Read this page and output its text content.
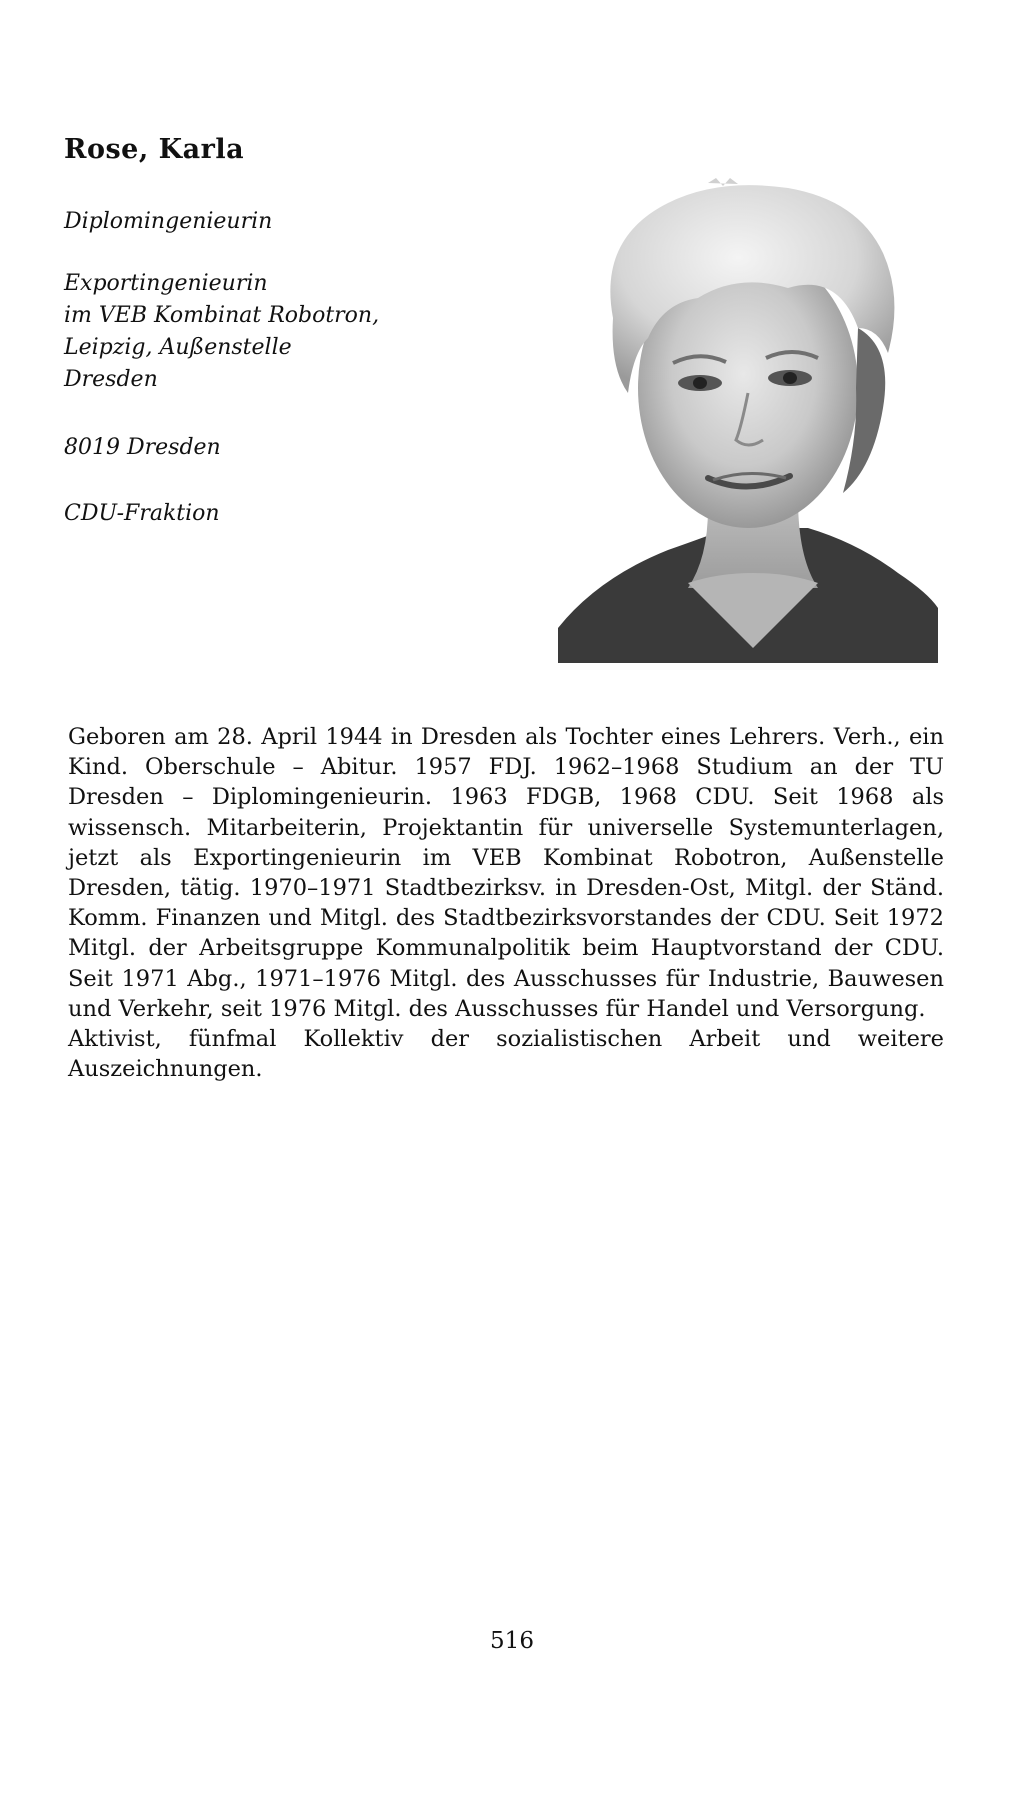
Rose, Karla
Diplomingenieurin
Exportingenieurin
im VEB Kombinat Robotron,
Leipzig, Außenstelle
Dresden
8019 Dresden
CDU-Fraktion

Geboren am 28. April 1944 in Dresden als Tochter eines Lehrers. Verh., ein Kind. Oberschule – Abitur. 1957 FDJ. 1962–1968 Studium an der TU Dresden – Diplomingenieurin. 1963 FDGB, 1968 CDU. Seit 1968 als wissensch. Mitarbeiterin, Projektantin für universelle Systemunterlagen, jetzt als Exportingenieurin im VEB Kombinat Robotron, Außenstelle Dresden, tätig. 1970–1971 Stadtbezirksv. in Dresden-Ost, Mitgl. der Ständ. Komm. Finanzen und Mitgl. des Stadtbezirksvorstandes der CDU. Seit 1972 Mitgl. der Arbeitsgruppe Kommunalpolitik beim Hauptvorstand der CDU. Seit 1971 Abg., 1971–1976 Mitgl. des Ausschusses für Industrie, Bauwesen und Verkehr, seit 1976 Mitgl. des Ausschusses für Handel und Versorgung.

Aktivist, fünfmal Kollektiv der sozialistischen Arbeit und weitere Auszeichnungen.

516
